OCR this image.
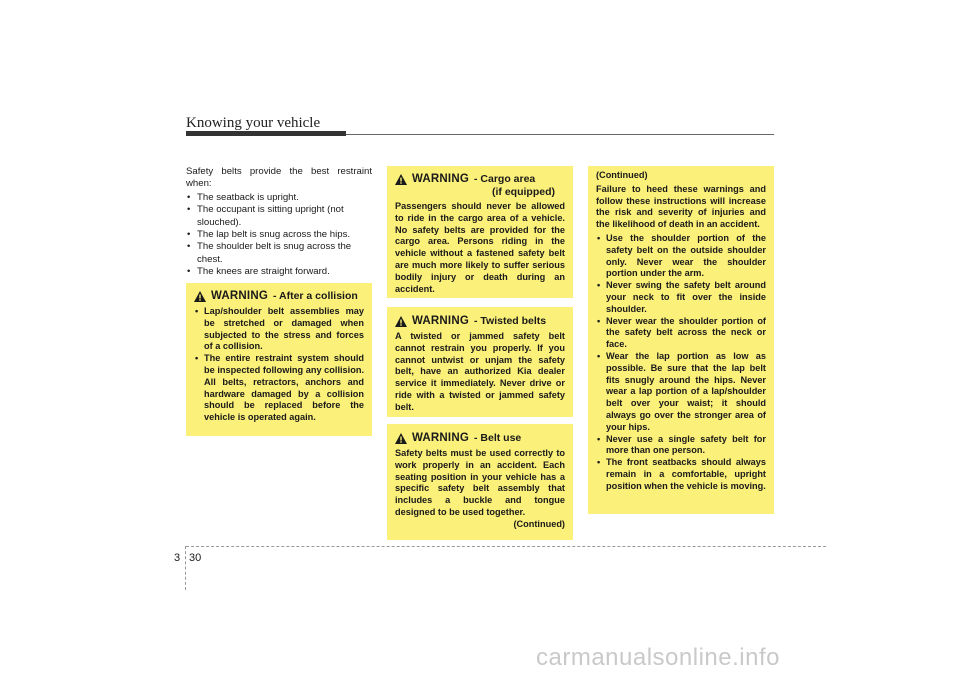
Knowing your vehicle

Safety belts provide the best restraint when:

• The seatback is upright.
• The occupant is sitting upright (not slouched).
• The lap belt is snug across the hips.
• The shoulder belt is snug across the chest.
• The knees are straight forward.
WARNING - After a collision
• Lap/shoulder belt assemblies may be stretched or damaged when subjected to the stress and forces of a collision.
• The entire restraint system should be inspected following any collision. All belts, retractors, anchors and hardware damaged by a collision should be replaced before the vehicle is operated again.
WARNING - Cargo area
(if equipped)

Passengers should never be allowed to ride in the cargo area of a vehicle. No safety belts are provided for the cargo area. Persons riding in the vehicle without a fastened safety belt are much more likely to suffer serious bodily injury or death during an accident.

WARNING - Twisted belts

A twisted or jammed safety belt cannot restrain you properly. If you cannot untwist or unjam the safety belt, have an authorized Kia dealer service it immediately. Never drive or ride with a twisted or jammed safety belt.

WARNING - Belt use

Safety belts must be used correctly to work properly in an accident. Each seating position in your vehicle has a specific safety belt assembly that includes a buckle and tongue designed to be used together.

(Continued)
(Continued)

Failure to heed these warnings and follow these instructions will increase the risk and severity of injuries and the likelihood of death in an accident.

• Use the shoulder portion of the safety belt on the outside shoulder only. Never wear the shoulder portion under the arm.
• Never swing the safety belt around your neck to fit over the inside shoulder.
• Never wear the shoulder portion of the safety belt across the neck or face.
• Wear the lap portion as low as possible. Be sure that the lap belt fits snugly around the hips. Never wear a lap portion of a lap/shoulder belt over your waist; it should always go over the stronger area of your hips.
• Never use a single safety belt for more than one person.
• The front seatbacks should always remain in a comfortable, upright position when the vehicle is moving.
3 30
carmanualsonline.info
